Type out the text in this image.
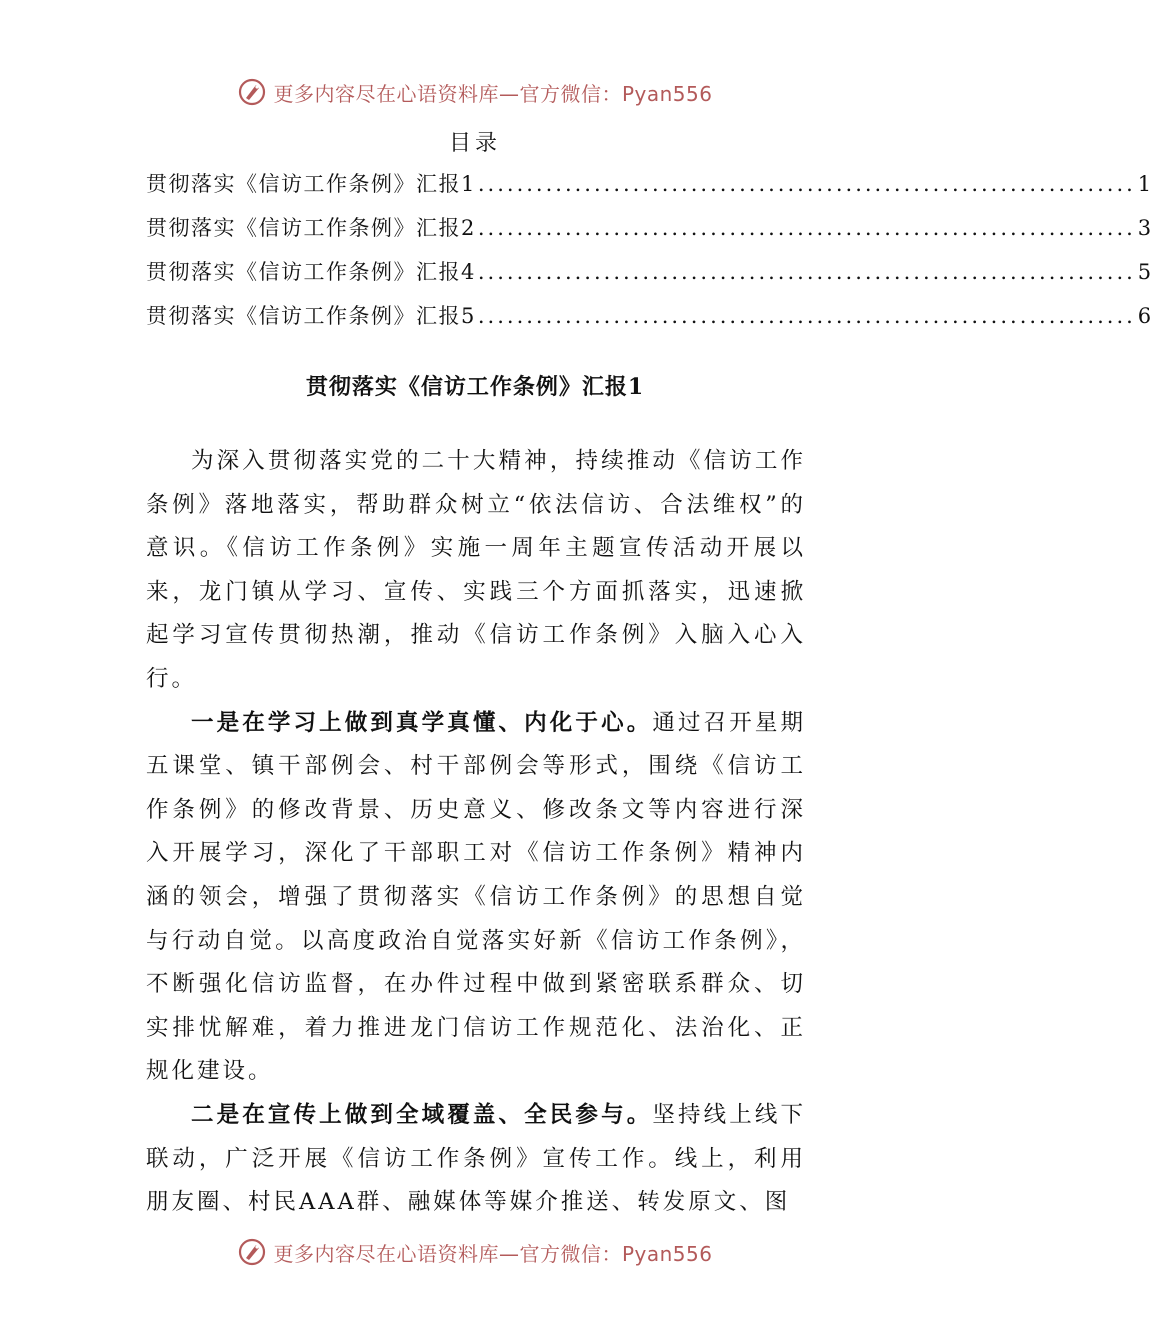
更多内容尽在心语资料库—官方微信：Pyan556
目录
贯彻落实《信访工作条例》汇报1 .................................................................... 1
贯彻落实《信访工作条例》汇报2 .................................................................... 3
贯彻落实《信访工作条例》汇报4 .................................................................... 5
贯彻落实《信访工作条例》汇报5 .................................................................... 6
贯彻落实《信访工作条例》汇报1

为深入贯彻落实党的二十大精神，持续推动《信访工作条例》落地落实，帮助群众树立“依法信访、合法维权”的意识。《信访工作条例》实施一周年主题宣传活动开展以来，龙门镇从学习、宣传、实践三个方面抓落实，迅速掀起学习宣传贯彻热潮，推动《信访工作条例》入脑入心入行。

一是在学习上做到真学真懂、内化于心。通过召开星期五课堂、镇干部例会、村干部例会等形式，围绕《信访工作条例》的修改背景、历史意义、修改条文等内容进行深入开展学习，深化了干部职工对《信访工作条例》精神内涵的领会，增强了贯彻落实《信访工作条例》的思想自觉与行动自觉。以高度政治自觉落实好新《信访工作条例》，不断强化信访监督，在办件过程中做到紧密联系群众、切实排忧解难，着力推进龙门信访工作规范化、法治化、正规化建设。

二是在宣传上做到全域覆盖、全民参与。坚持线上线下联动，广泛开展《信访工作条例》宣传工作。线上，利用朋友圈、村民AAA群、融媒体等媒介推送、转发原文、图

更多内容尽在心语资料库—官方微信：Pyan556
